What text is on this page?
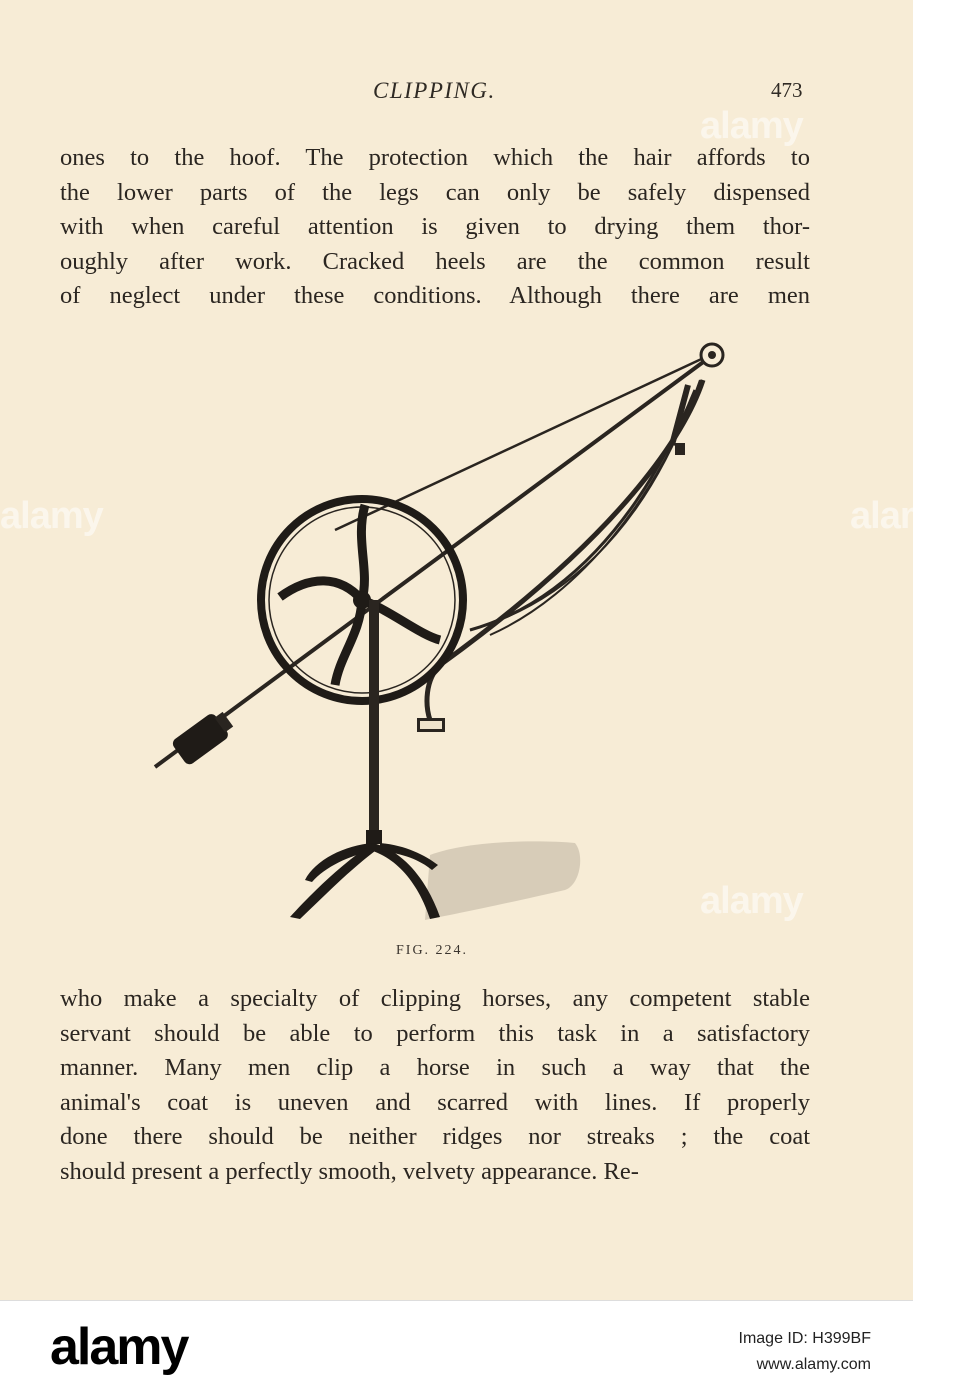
CLIPPING.	473
ones to the hoof. The protection which the hair affords to
the lower parts of the legs can only be safely dispensed
with when careful attention is given to drying them thor-
oughly after work. Cracked heels are the common result
of neglect under these conditions. Although there are men
FIG. 224.
who make a specialty of clipping horses, any competent stable
servant should be able to perform this task in a satisfactory
manner. Many men clip a horse in such a way that the
animal's coat is uneven and scarred with lines. If properly
done there should be neither ridges nor streaks ; the coat
should present a perfectly smooth, velvety appearance. Re-
alamy
alamy
alamy	alamy
alamy	Image ID: H399BF
www.alamy.com
